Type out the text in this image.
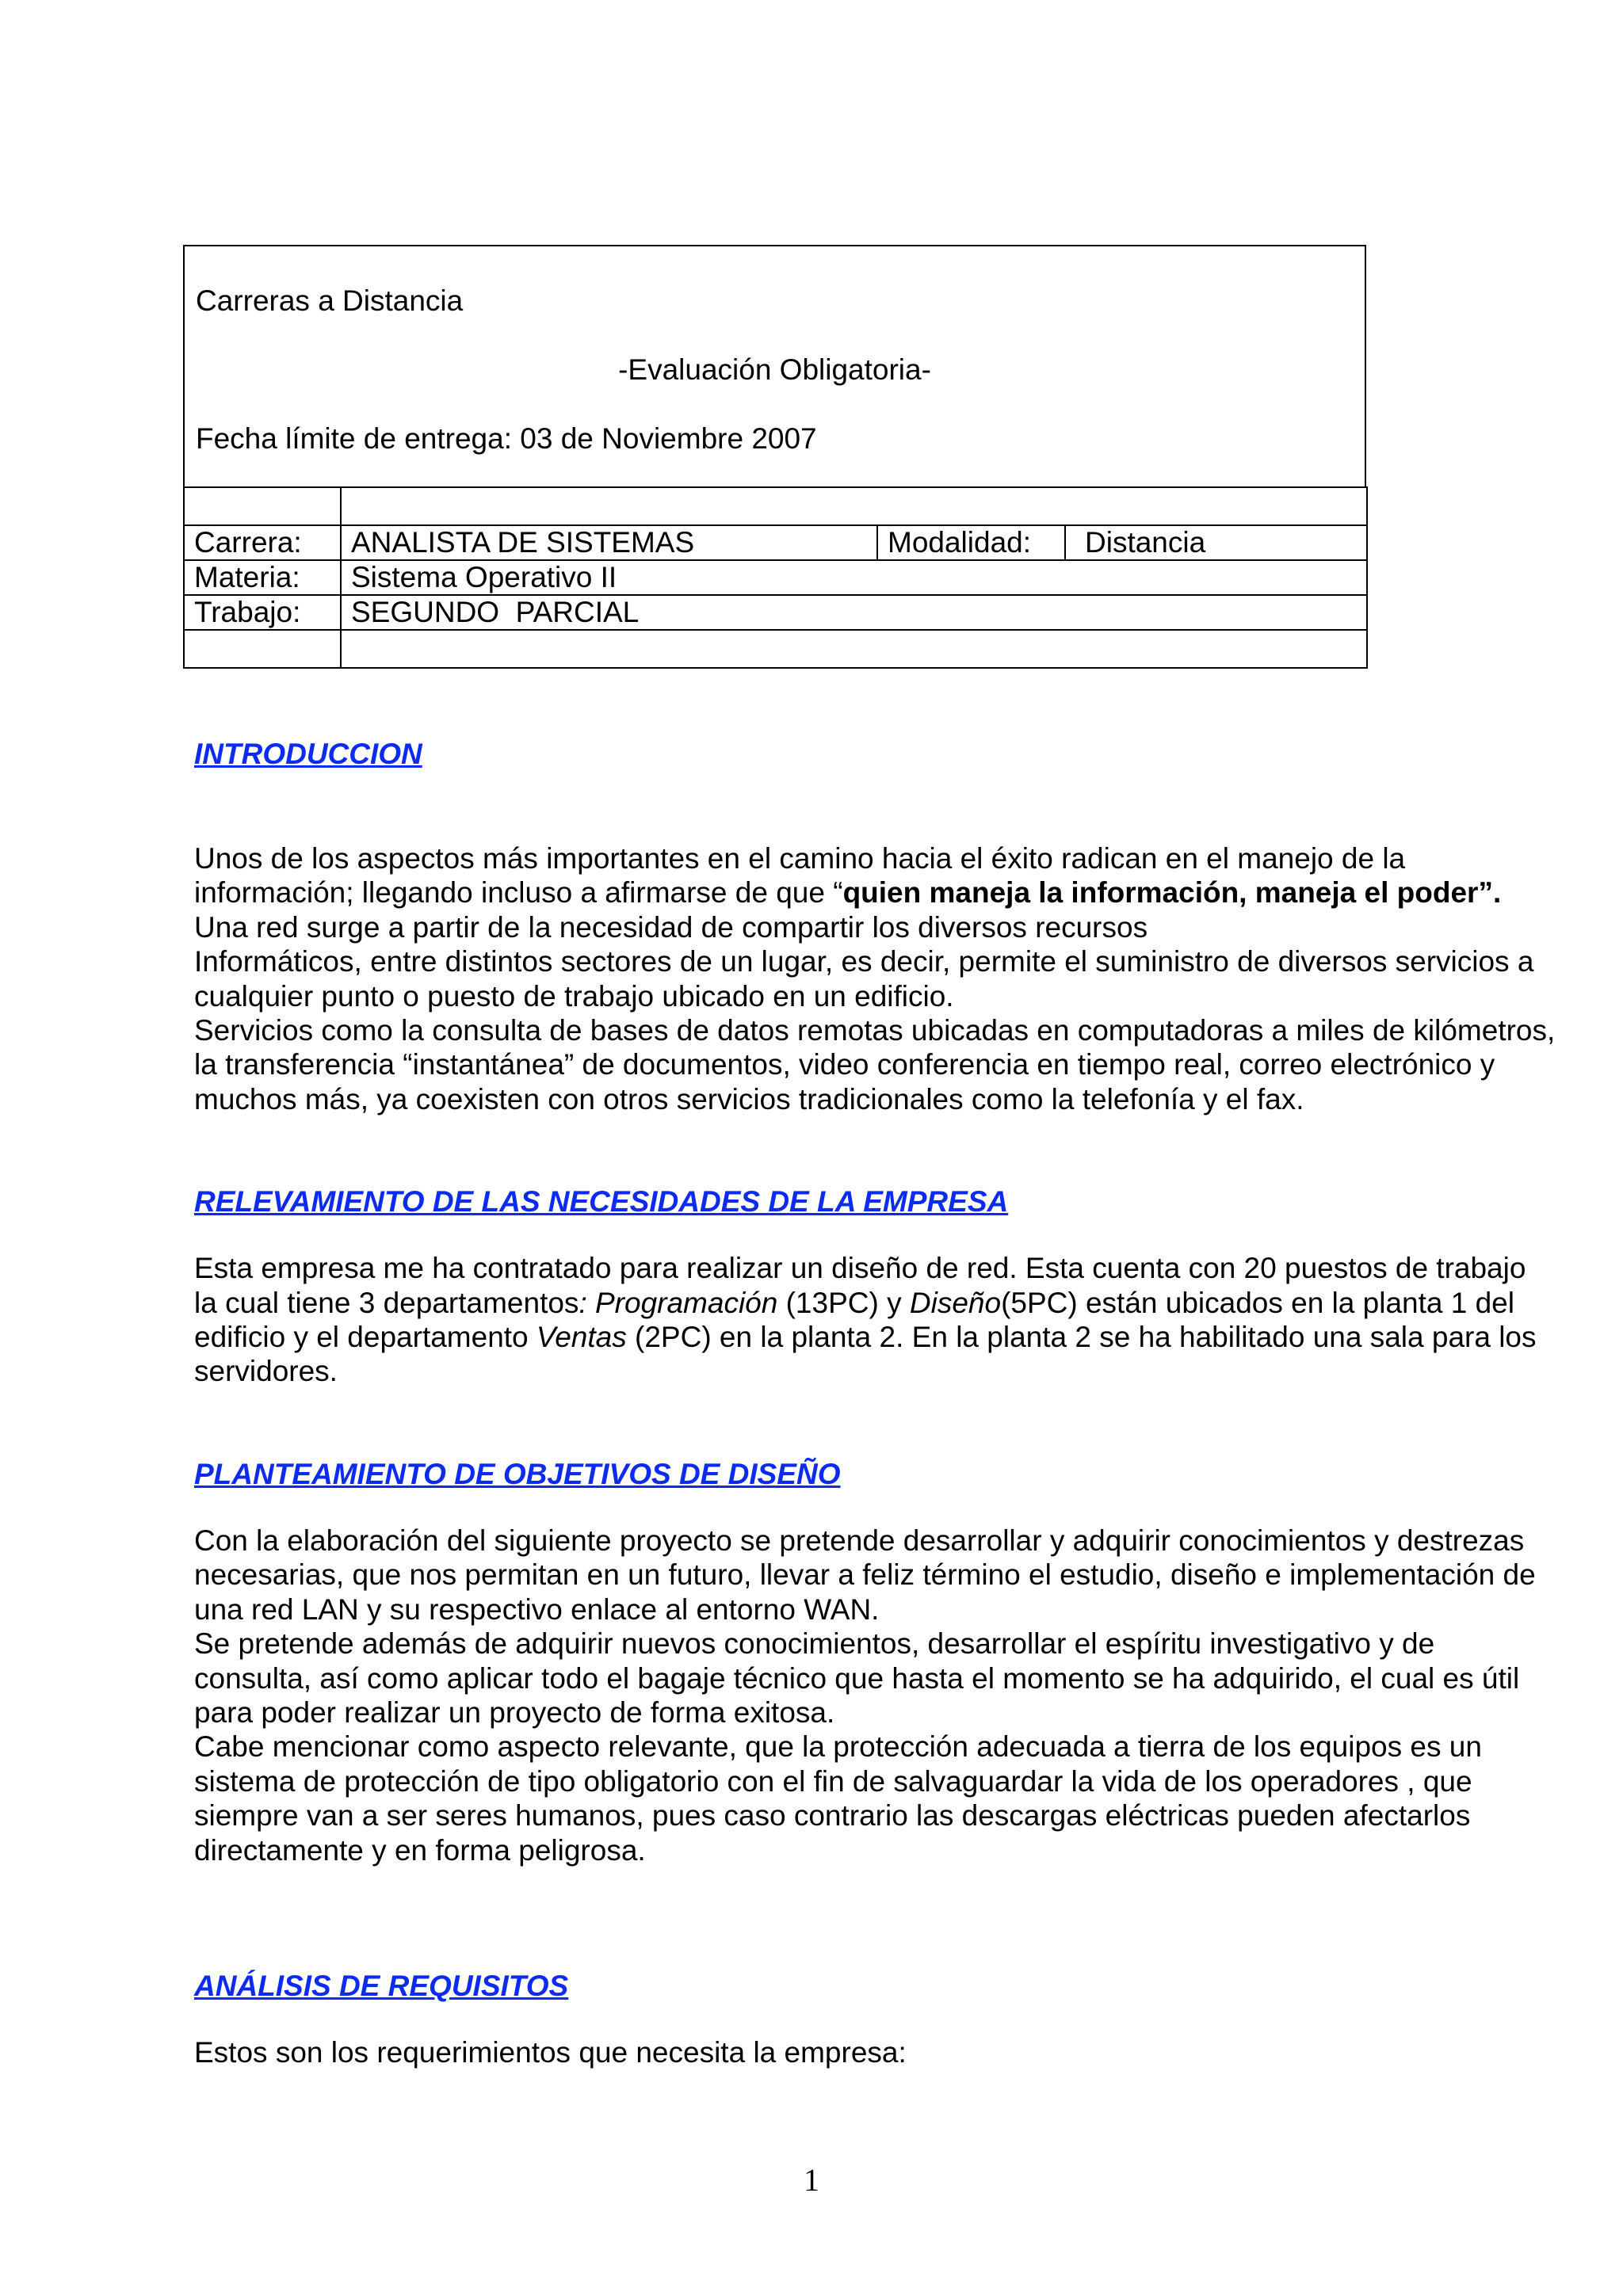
Carreras a Distancia
-Evaluación Obligatoria-
Fecha límite de entrega: 03 de Noviembre 2007

Carrera:	ANALISTA DE SISTEMAS	Modalidad:	Distancia
Materia:	Sistema Operativo II		
Trabajo:	SEGUNDO  PARCIAL		

INTRODUCCION

Unos de los aspectos más importantes en el camino hacia el éxito radican en el manejo de la información; llegando incluso a afirmarse de que “quien maneja la información, maneja el poder”.

Una red surge a partir de la necesidad de compartir los diversos recursos

Informáticos, entre distintos sectores de un lugar, es decir, permite el suministro de diversos servicios a cualquier punto o puesto de trabajo ubicado en un edificio.

Servicios como la consulta de bases de datos remotas ubicadas en computadoras a miles de kilómetros, la transferencia “instantánea” de documentos, video conferencia en tiempo real, correo electrónico y muchos más, ya coexisten con otros servicios tradicionales como la telefonía y el fax.

RELEVAMIENTO DE LAS NECESIDADES DE LA EMPRESA

Esta empresa me ha contratado para realizar un diseño de red. Esta cuenta con 20 puestos de trabajo  la cual tiene 3 departamentos: Programación (13PC) y Diseño(5PC) están ubicados en la planta 1 del edificio y el departamento Ventas (2PC) en la planta 2. En la planta 2 se ha habilitado una sala para los servidores.

PLANTEAMIENTO DE OBJETIVOS DE DISEÑO

Con la elaboración del siguiente proyecto se pretende desarrollar y adquirir conocimientos y destrezas necesarias, que nos permitan en un futuro, llevar a feliz término el estudio, diseño e implementación de una red LAN y su respectivo enlace al entorno WAN.

Se pretende además de adquirir nuevos conocimientos, desarrollar el espíritu investigativo y de consulta, así como aplicar todo el bagaje técnico que hasta el momento se ha adquirido, el cual es útil para poder realizar un proyecto de forma exitosa.

Cabe mencionar como aspecto relevante, que la protección adecuada a tierra de los equipos es un sistema de protección de tipo obligatorio con el fin de salvaguardar la vida de los operadores , que siempre van a ser seres humanos, pues caso contrario las descargas eléctricas pueden afectarlos directamente y en forma peligrosa.

ANÁLISIS DE REQUISITOS

Estos son los requerimientos que necesita la empresa:

1
